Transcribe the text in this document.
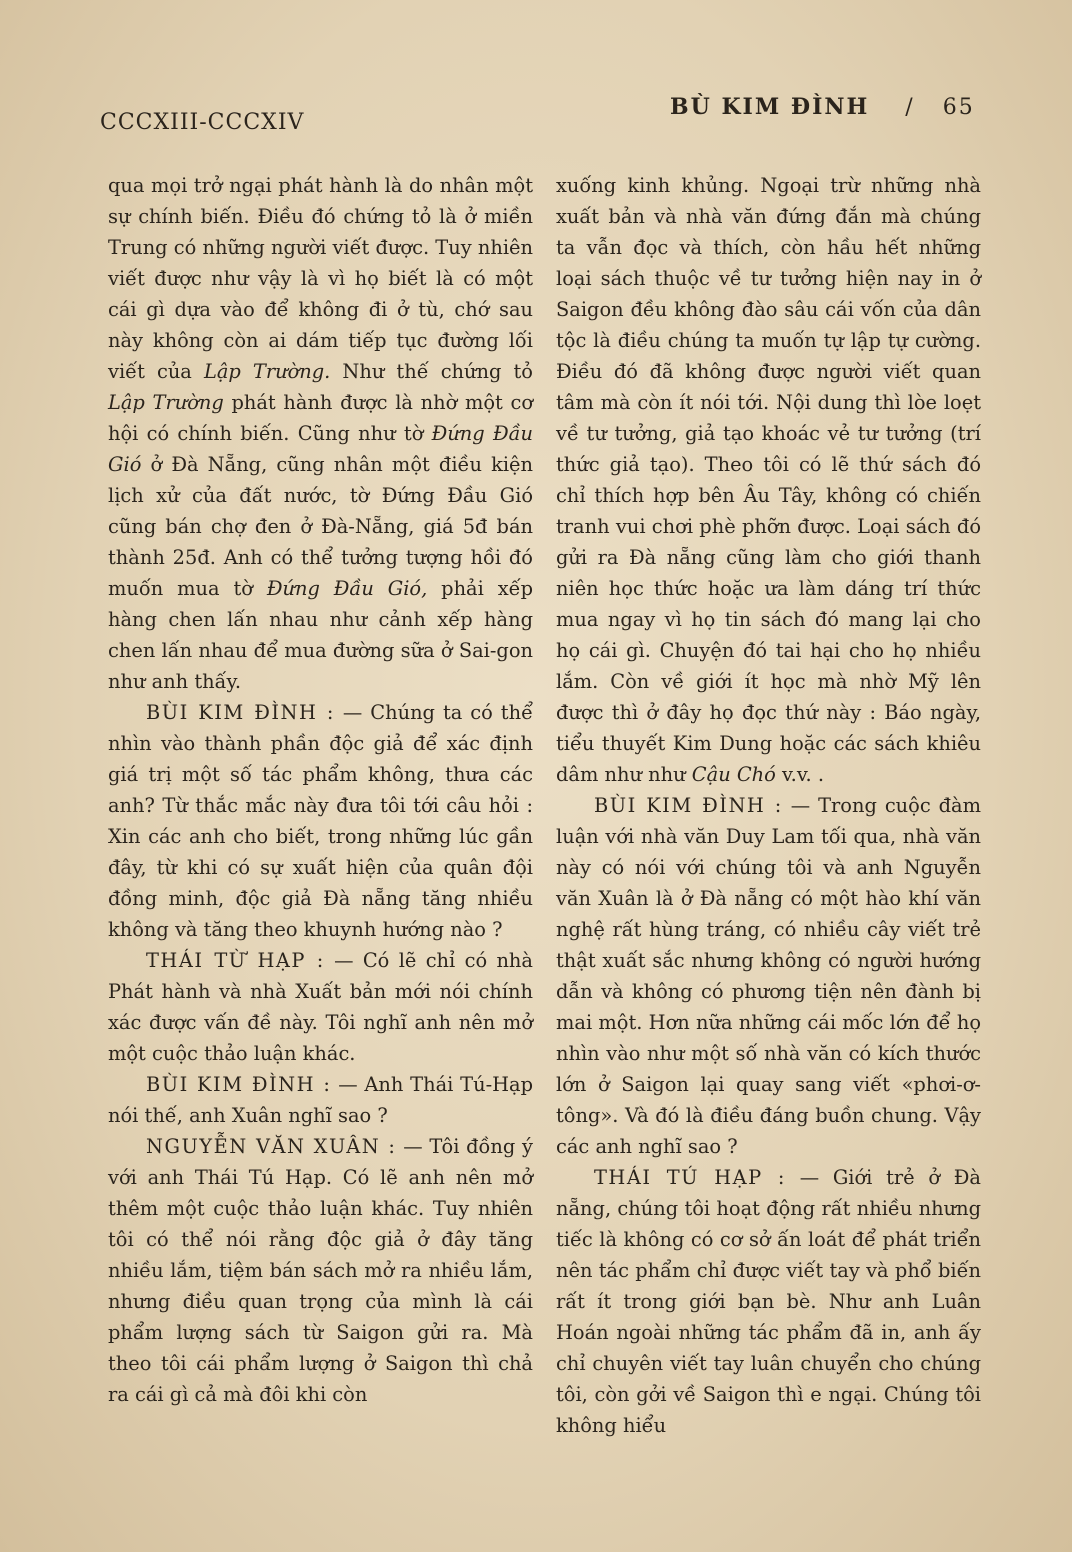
CCCXIII-CCCXIV
BÙ KIM ĐÌNH / 65

qua mọi trở ngại phát hành là do nhân một sự chính biến. Điều đó chứng tỏ là ở miền Trung có những người viết được. Tuy nhiên viết được như vậy là vì họ biết là có một cái gì dựa vào để không đi ở tù, chớ sau này không còn ai dám tiếp tục đường lối viết của Lập Trường. Như thế chứng tỏ Lập Trường phát hành được là nhờ một cơ hội có chính biến. Cũng như tờ Đứng Đầu Gió ở Đà Nẵng, cũng nhân một điều kiện lịch xử của đất nước, tờ Đứng Đầu Gió cũng bán chợ đen ở Đà-Nẵng, giá 5đ bán thành 25đ. Anh có thể tưởng tượng hồi đó muốn mua tờ Đứng Đầu Gió, phải xếp hàng chen lấn nhau như cảnh xếp hàng chen lấn nhau để mua đường sữa ở Sai-gon như anh thấy.

BÙI KIM ĐÌNH : — Chúng ta có thể nhìn vào thành phần độc giả để xác định giá trị một số tác phẩm không, thưa các anh? Từ thắc mắc này đưa tôi tới câu hỏi : Xin các anh cho biết, trong những lúc gần đây, từ khi có sự xuất hiện của quân đội đồng minh, độc giả Đà nẵng tăng nhiều không và tăng theo khuynh hướng nào ?

THÁI TỪ HẠP : — Có lẽ chỉ có nhà Phát hành và nhà Xuất bản mới nói chính xác được vấn đề này. Tôi nghĩ anh nên mở một cuộc thảo luận khác.

BÙI KIM ĐÌNH : — Anh Thái Tú-Hạp nói thế, anh Xuân nghĩ sao ?

NGUYỄN VĂN XUÂN : — Tôi đồng ý với anh Thái Tú Hạp. Có lẽ anh nên mở thêm một cuộc thảo luận khác. Tuy nhiên tôi có thể nói rằng độc giả ở đây tăng nhiều lắm, tiệm bán sách mở ra nhiều lắm, nhưng điều quan trọng của mình là cái phẩm lượng sách từ Saigon gửi ra. Mà theo tôi cái phẩm lượng ở Saigon thì chả ra cái gì cả mà đôi khi còn

xuống kinh khủng. Ngoại trừ những nhà xuất bản và nhà văn đứng đắn mà chúng ta vẫn đọc và thích, còn hầu hết những loại sách thuộc về tư tưởng hiện nay in ở Saigon đều không đào sâu cái vốn của dân tộc là điều chúng ta muốn tự lập tự cường. Điều đó đã không được người viết quan tâm mà còn ít nói tới. Nội dung thì lòe loẹt về tư tưởng, giả tạo khoác vẻ tư tưởng (trí thức giả tạo). Theo tôi có lẽ thứ sách đó chỉ thích hợp bên Âu Tây, không có chiến tranh vui chơi phè phỡn được. Loại sách đó gửi ra Đà nẵng cũng làm cho giới thanh niên học thức hoặc ưa làm dáng trí thức mua ngay vì họ tin sách đó mang lại cho họ cái gì. Chuyện đó tai hại cho họ nhiều lắm. Còn về giới ít học mà nhờ Mỹ lên được thì ở đây họ đọc thứ này : Báo ngày, tiểu thuyết Kim Dung hoặc các sách khiêu dâm như như Cậu Chó v.v. .

BÙI KIM ĐÌNH : — Trong cuộc đàm luận với nhà văn Duy Lam tối qua, nhà văn này có nói với chúng tôi và anh Nguyễn văn Xuân là ở Đà nẵng có một hào khí văn nghệ rất hùng tráng, có nhiều cây viết trẻ thật xuất sắc nhưng không có người hướng dẫn và không có phương tiện nên đành bị mai một. Hơn nữa những cái mốc lớn để họ nhìn vào như một số nhà văn có kích thước lớn ở Saigon lại quay sang viết «phơi-ơ-tông». Và đó là điều đáng buồn chung. Vậy các anh nghĩ sao ?

THÁI TÚ HẠP : — Giới trẻ ở Đà nẵng, chúng tôi hoạt động rất nhiều nhưng tiếc là không có cơ sở ấn loát để phát triển nên tác phẩm chỉ được viết tay và phổ biến rất ít trong giới bạn bè. Như anh Luân Hoán ngoài những tác phẩm đã in, anh ấy chỉ chuyên viết tay luân chuyển cho chúng tôi, còn gởi về Saigon thì e ngại. Chúng tôi không hiểu
